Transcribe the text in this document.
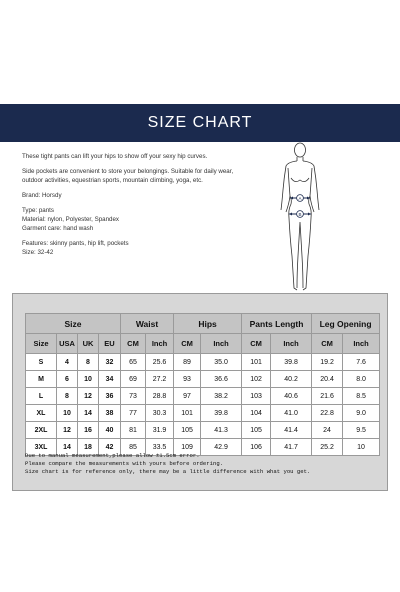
SIZE CHART

These tight pants can lift your hips to show off your sexy hip curves.

Side pockets are convenient to store your belongings. Suitable for daily wear,

outdoor activities, equestrian sports, mountain climbing, yoga, etc.

Brand: Horsdy

Type: pants

Material: nylon, Polyester, Spandex

Garment care: hand wash

Features: skinny pants, hip lift, pockets

Size: 32-42

A
B
Size				Waist		Hips		Pants Length		Leg Opening	
Size	USA	UK	EU	CM	Inch	CM	Inch	CM	Inch	CM	Inch
S	4	8	32	65	25.6	89	35.0	101	39.8	19.2	7.6
M	6	10	34	69	27.2	93	36.6	102	40.2	20.4	8.0
L	8	12	36	73	28.8	97	38.2	103	40.6	21.6	8.5
XL	10	14	38	77	30.3	101	39.8	104	41.0	22.8	9.0
2XL	12	16	40	81	31.9	105	41.3	105	41.4	24	9.5
3XL	14	18	42	85	33.5	109	42.9	106	41.7	25.2	10

Due to manual measurement,please allow ±1.5cm error.

Please compare the measurements with yours before ordering.

Size chart is for reference only, there may be a little difference with what you get.
